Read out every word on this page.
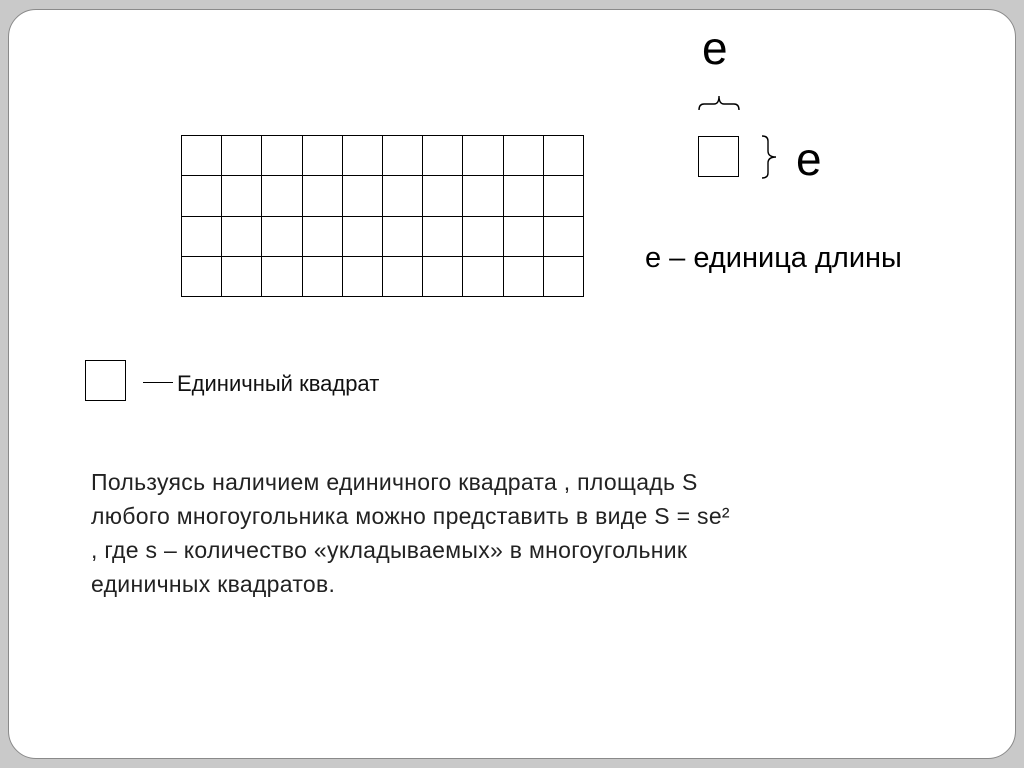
e
e
e – единица длины
Единичный квадрат
Пользуясь наличием единичного квадрата , площадь S
любого многоугольника можно представить в виде S = se²
, где s – количество «укладываемых» в многоугольник
единичных квадратов.
